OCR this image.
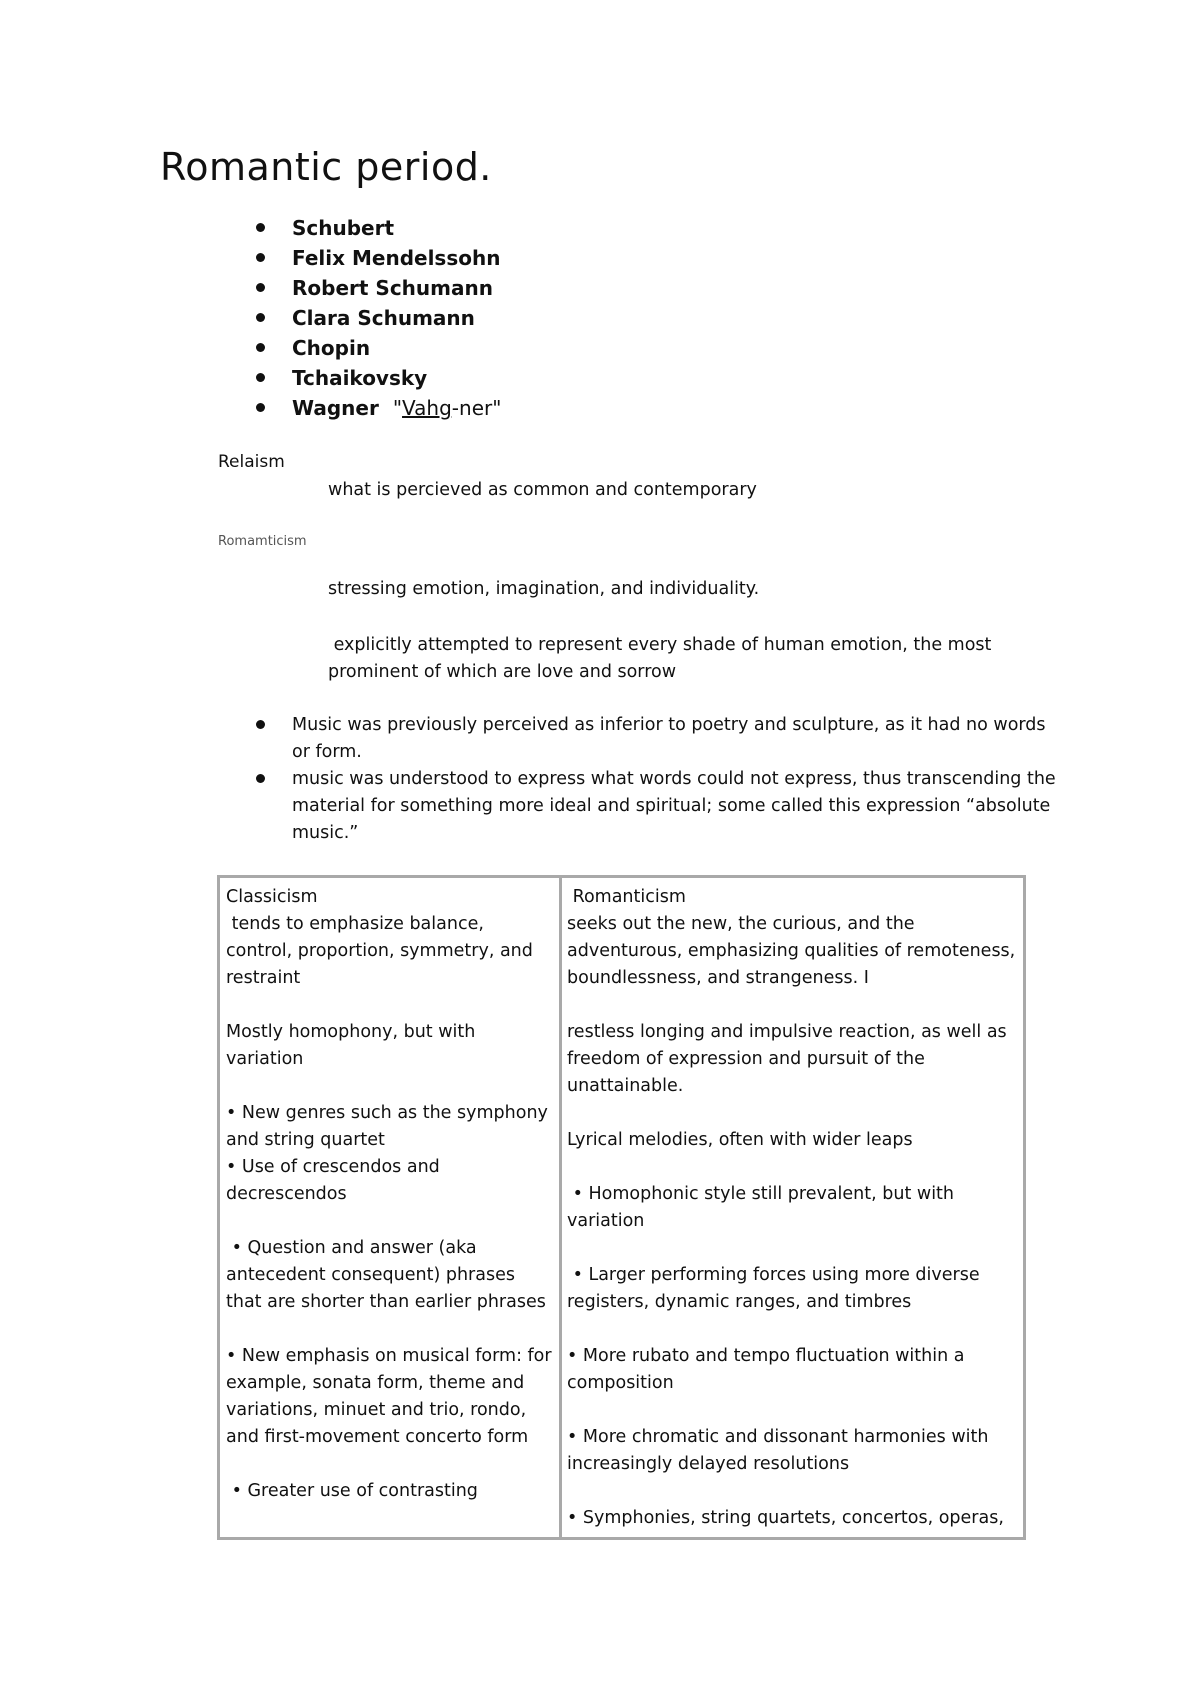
Romantic period.
Schubert
Felix Mendelssohn
Robert Schumann
Clara Schumann
Chopin
Tchaikovsky
Wagner "Vahg-ner"
Relaism
what is percieved as common and contemporary
Romamticism
stressing emotion, imagination, and individuality.
explicitly attempted to represent every shade of human emotion, the most prominent of which are love and sorrow
Music was previously perceived as inferior to poetry and sculpture, as it had no words or form.
music was understood to express what words could not express, thus transcending the material for something more ideal and spiritual; some called this expression “absolute music.”

Classicism

tends to emphasize balance, control, proportion, symmetry, and restraint

Mostly homophony, but with variation

• New genres such as the symphony and string quartet
• Use of crescendos and decrescendos

• Question and answer (aka antecedent consequent) phrases that are shorter than earlier phrases

• New emphasis on musical form: for example, sonata form, theme and variations, minuet and trio, rondo, and first-movement concerto form

• Greater use of contrasting

Romanticism

seeks out the new, the curious, and the adventurous, emphasizing qualities of remoteness, boundlessness, and strangeness. I

restless longing and impulsive reaction, as well as freedom of expression and pursuit of the unattainable.

Lyrical melodies, often with wider leaps

• Homophonic style still prevalent, but with variation

• Larger performing forces using more diverse registers, dynamic ranges, and timbres

• More rubato and tempo fluctuation within a composition

• More chromatic and dissonant harmonies with increasingly delayed resolutions

• Symphonies, string quartets, concertos, operas,
